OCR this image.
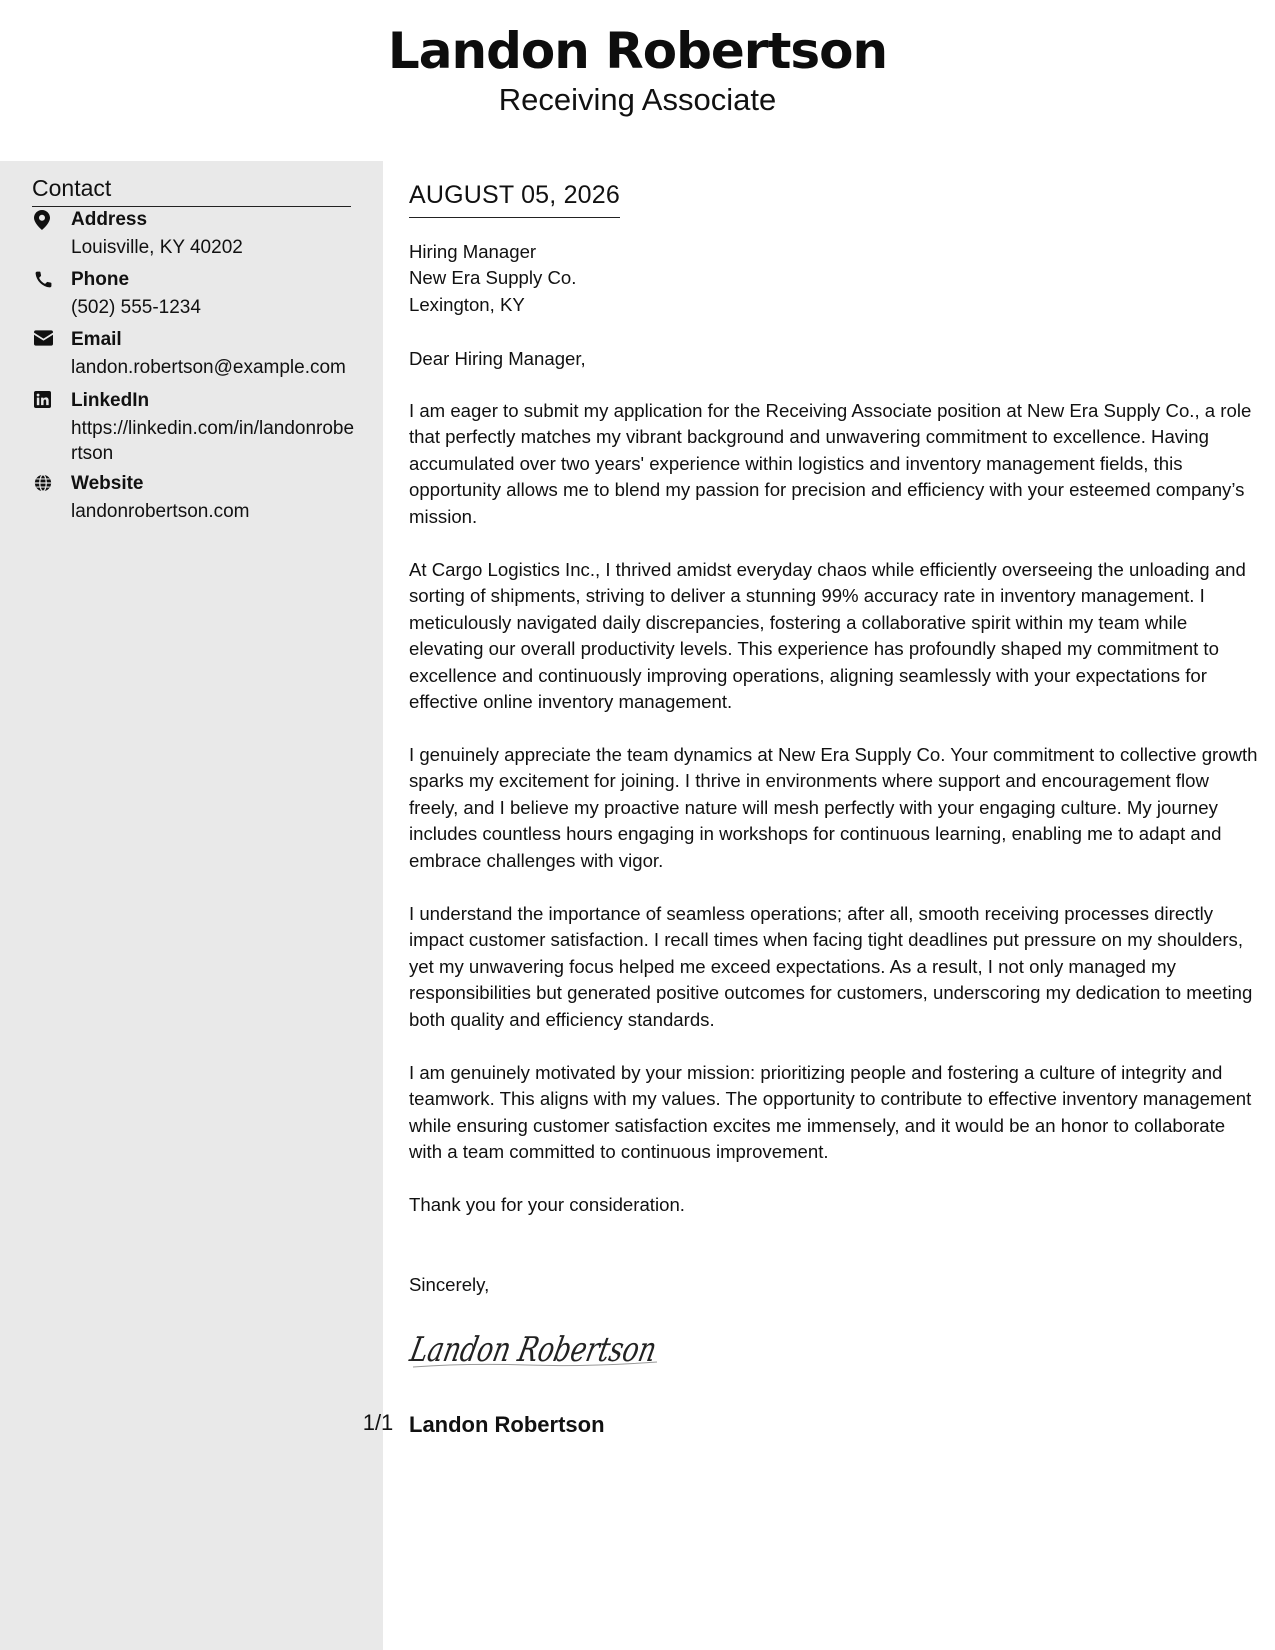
Landon Robertson
Receiving Associate
Contact
Address
Louisville, KY 40202
Phone
(502) 555-1234
Email
landon.robertson@example.com
LinkedIn
https://linkedin.com/in/landonrobertson
Website
landonrobertson.com
AUGUST 05, 2026
Hiring Manager
New Era Supply Co.
Lexington, KY
Dear Hiring Manager,

I am eager to submit my application for the Receiving Associate position at New Era Supply Co., a role that perfectly matches my vibrant background and unwavering commitment to excellence. Having accumulated over two years' experience within logistics and inventory management fields, this opportunity allows me to blend my passion for precision and efficiency with your esteemed company’s mission.

At Cargo Logistics Inc., I thrived amidst everyday chaos while efficiently overseeing the unloading and sorting of shipments, striving to deliver a stunning 99% accuracy rate in inventory management. I meticulously navigated daily discrepancies, fostering a collaborative spirit within my team while elevating our overall productivity levels. This experience has profoundly shaped my commitment to excellence and continuously improving operations, aligning seamlessly with your expectations for effective online inventory management.

I genuinely appreciate the team dynamics at New Era Supply Co. Your commitment to collective growth sparks my excitement for joining. I thrive in environments where support and encouragement flow freely, and I believe my proactive nature will mesh perfectly with your engaging culture. My journey includes countless hours engaging in workshops for continuous learning, enabling me to adapt and embrace challenges with vigor.

I understand the importance of seamless operations; after all, smooth receiving processes directly impact customer satisfaction. I recall times when facing tight deadlines put pressure on my shoulders, yet my unwavering focus helped me exceed expectations. As a result, I not only managed my responsibilities but generated positive outcomes for customers, underscoring my dedication to meeting both quality and efficiency standards.

I am genuinely motivated by your mission: prioritizing people and fostering a culture of integrity and teamwork. This aligns with my values. The opportunity to contribute to effective inventory management while ensuring customer satisfaction excites me immensely, and it would be an honor to collaborate with a team committed to continuous improvement.

Thank you for your consideration.
Sincerely,
Landon Robertson
Landon Robertson
1/1
